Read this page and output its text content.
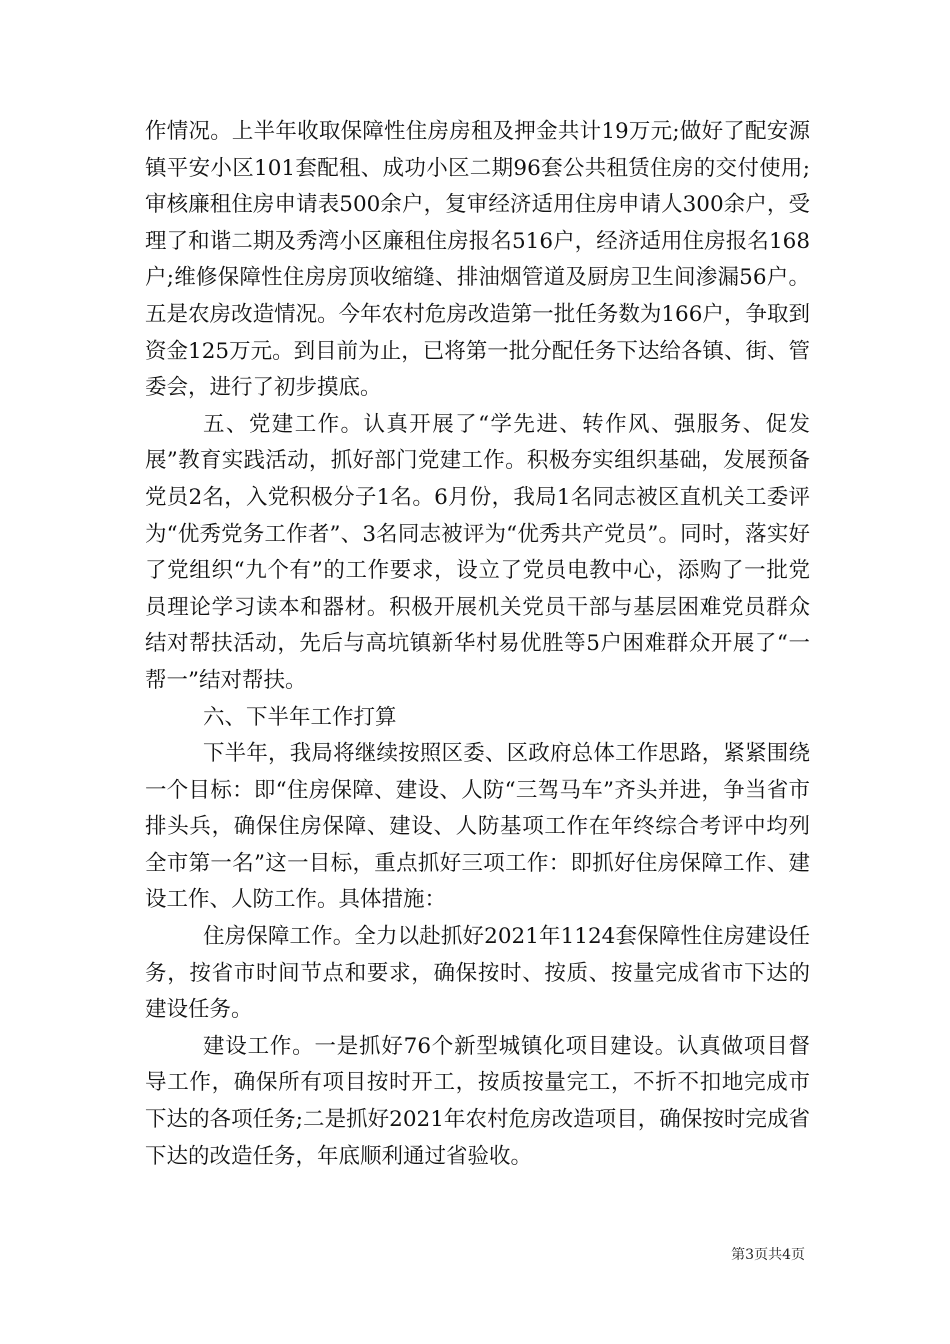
作情况。上半年收取保障性住房房租及押金共计19万元;做好了配安源镇平安小区101套配租、成功小区二期96套公共租赁住房的交付使用;审核廉租住房申请表500余户，复审经济适用住房申请人300余户，受理了和谐二期及秀湾小区廉租住房报名516户，经济适用住房报名168户;维修保障性住房房顶收缩缝、排油烟管道及厨房卫生间渗漏56户。五是农房改造情况。今年农村危房改造第一批任务数为166户，争取到资金125万元。到目前为止，已将第一批分配任务下达给各镇、街、管委会，进行了初步摸底。

五、党建工作。认真开展了“学先进、转作风、强服务、促发展”教育实践活动，抓好部门党建工作。积极夯实组织基础，发展预备党员2名，入党积极分子1名。6月份，我局1名同志被区直机关工委评为“优秀党务工作者”、3名同志被评为“优秀共产党员”。同时，落实好了党组织“九个有”的工作要求，设立了党员电教中心，添购了一批党员理论学习读本和器材。积极开展机关党员干部与基层困难党员群众结对帮扶活动，先后与高坑镇新华村易优胜等5户困难群众开展了“一帮一”结对帮扶。

六、下半年工作打算

下半年，我局将继续按照区委、区政府总体工作思路，紧紧围绕一个目标：即“住房保障、建设、人防“三驾马车”齐头并进，争当省市排头兵，确保住房保障、建设、人防基项工作在年终综合考评中均列全市第一名”这一目标，重点抓好三项工作：即抓好住房保障工作、建设工作、人防工作。具体措施：

住房保障工作。全力以赴抓好2021年1124套保障性住房建设任务，按省市时间节点和要求，确保按时、按质、按量完成省市下达的建设任务。

建设工作。一是抓好76个新型城镇化项目建设。认真做项目督导工作，确保所有项目按时开工，按质按量完工，不折不扣地完成市下达的各项任务;二是抓好2021年农村危房改造项目，确保按时完成省下达的改造任务，年底顺利通过省验收。

第3页共4页
